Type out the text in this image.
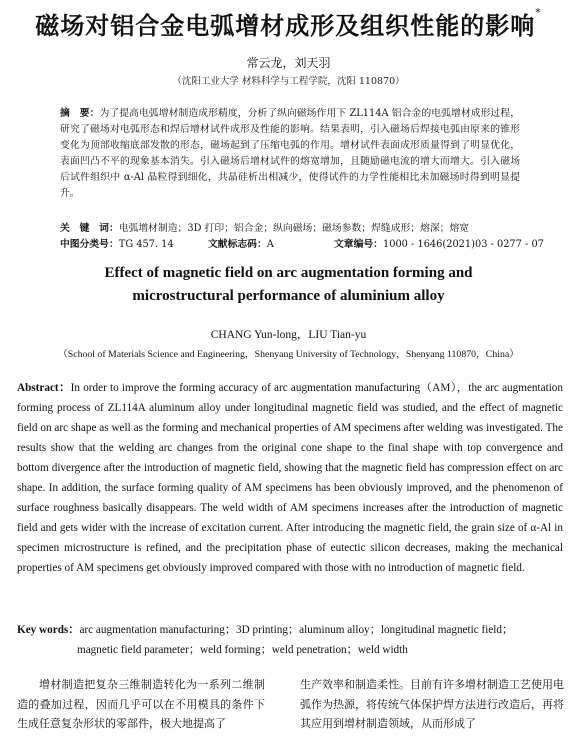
磁场对铝合金电弧增材成形及组织性能的影响*
常云龙，刘天羽
（沈阳工业大学 材料科学与工程学院，沈阳 110870）
摘　要：为了提高电弧增材制造成形精度，分析了纵向磁场作用下 ZL114A 铝合金的电弧增材成形过程，研究了磁场对电弧形态和焊后增材试件成形及性能的影响。结果表明，引入磁场后焊接电弧由原来的锥形变化为顶部收缩底部发散的形态，磁场起到了压缩电弧的作用。增材试件表面成形质量得到了明显优化，表面凹凸不平的现象基本消失。引入磁场后增材试件的熔宽增加，且随励磁电流的增大而增大。引入磁场后试件组织中 α-Al 晶粒得到细化，共晶硅析出相减少，使得试件的力学性能相比未加磁场时得到明显提升。
关　键　词：电弧增材制造；3D 打印；铝合金；纵向磁场；磁场参数；焊缝成形；熔深；熔宽
中图分类号：TG 457. 14	文献标志码：A	文章编号：1000 - 1646(2021)03 - 0277 - 07
Effect of magnetic field on arc augmentation forming and
microstructural performance of aluminium alloy
CHANG Yun-long，LIU Tian-yu
（School of Materials Science and Engineering，Shenyang University of Technology，Shenyang 110870，China）
Abstract：In order to improve the forming accuracy of arc augmentation manufacturing（AM），the arc augmentation forming process of ZL114A aluminum alloy under longitudinal magnetic field was studied, and the effect of magnetic field on arc shape as well as the forming and mechanical properties of AM specimens after welding was investigated. The results show that the welding arc changes from the original cone shape to the final shape with top convergence and bottom divergence after the introduction of magnetic field, showing that the magnetic field has compression effect on arc shape. In addition, the surface forming quality of AM specimens has been obviously improved, and the phenomenon of surface roughness basically disappears. The weld width of AM specimens increases after the introduction of magnetic field and gets wider with the increase of excitation current. After introducing the magnetic field, the grain size of α-Al in specimen microstructure is refined, and the precipitation phase of eutectic silicon decreases, making the mechanical properties of AM specimens get obviously improved compared with those with no introduction of magnetic field.
Key words：arc augmentation manufacturing；3D printing；aluminum alloy；longitudinal magnetic field；
magnetic field parameter；weld forming；weld penetration；weld width
增材制造把复杂三维制造转化为一系列二维制造的叠加过程，因而几乎可以在不用模具的条件下生成任意复杂形状的零部件，极大地提高了
生产效率和制造柔性。目前有许多增材制造工艺使用电弧作为热源，将传统气体保护焊方法进行改造后，再将其应用到增材制造领域，从而形成了
